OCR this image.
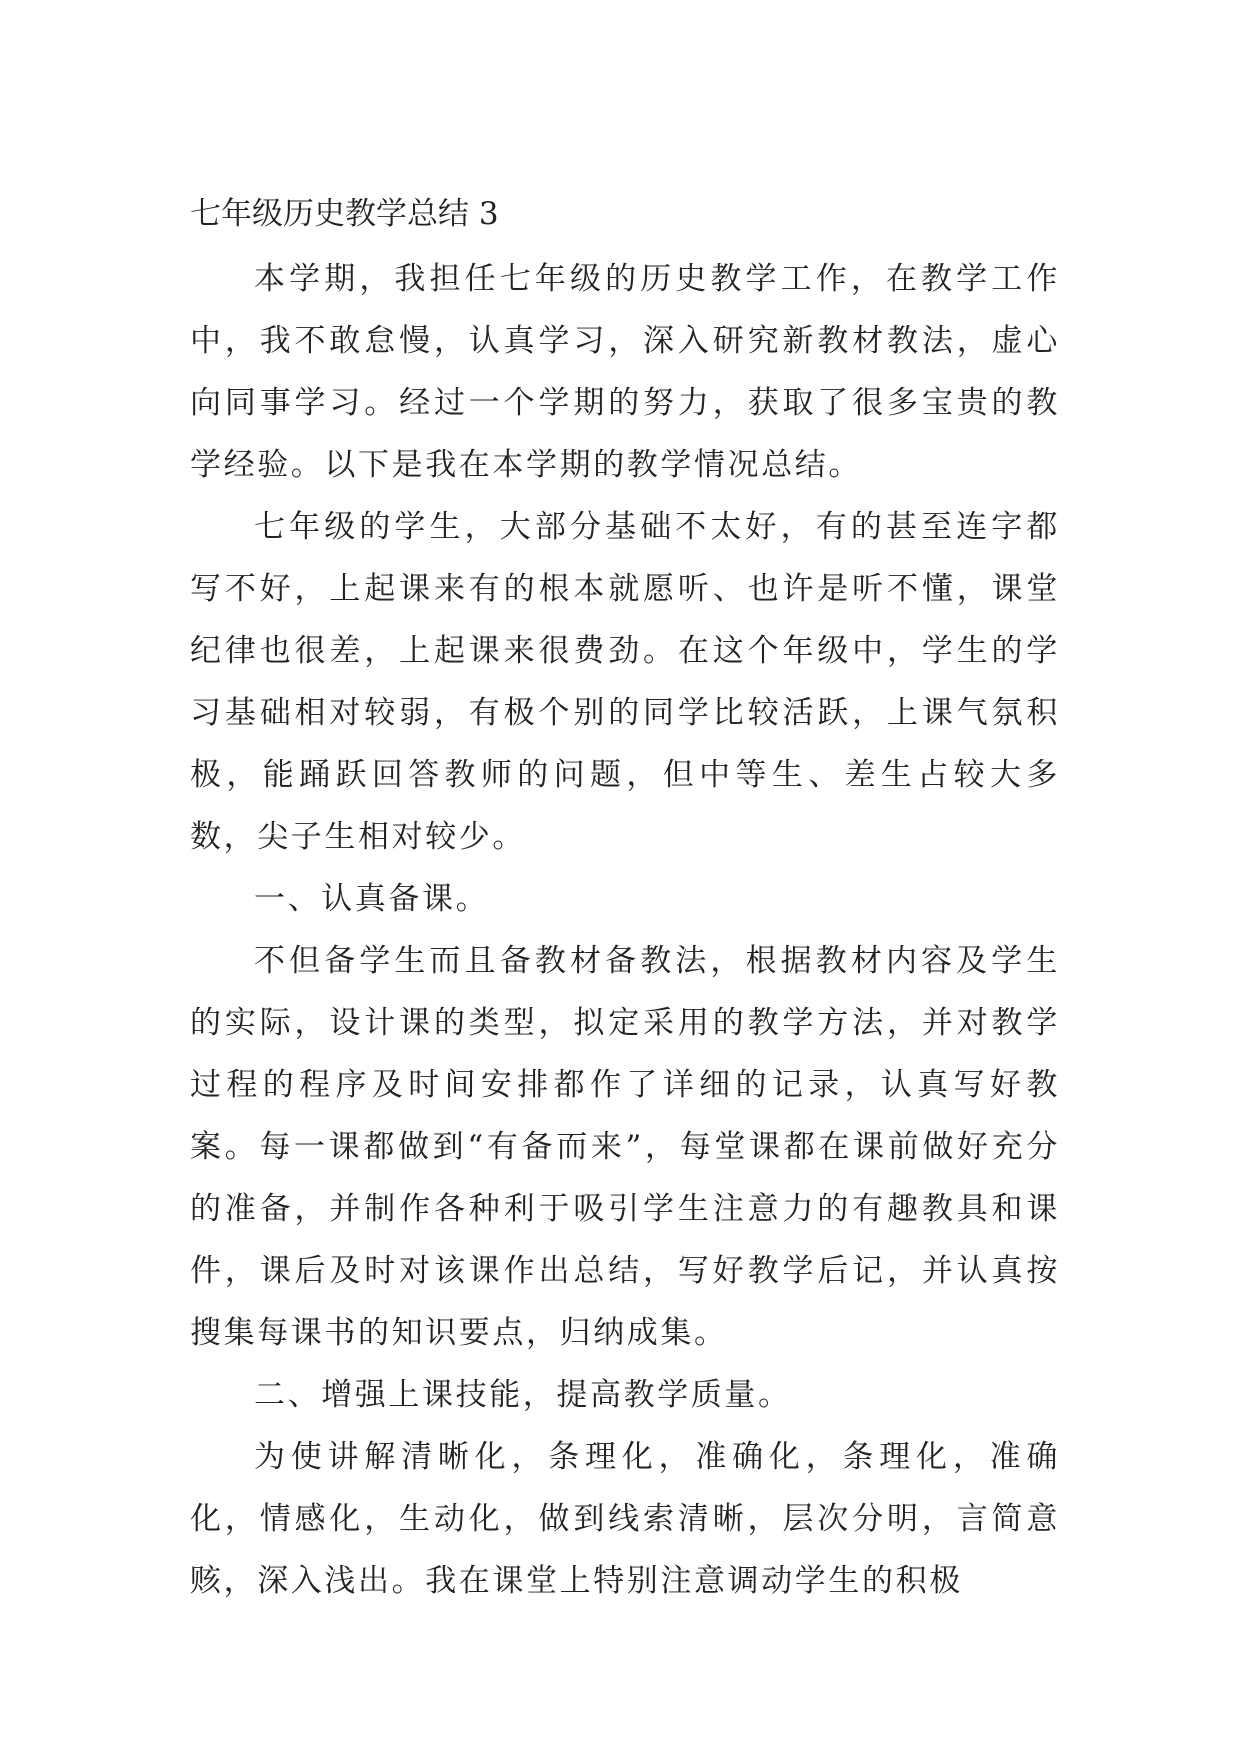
七年级历史教学总结 3

本学期，我担任七年级的历史教学工作，在教学工作中，我不敢怠慢，认真学习，深入研究新教材教法，虚心向同事学习。经过一个学期的努力，获取了很多宝贵的教学经验。以下是我在本学期的教学情况总结。

七年级的学生，大部分基础不太好，有的甚至连字都写不好，上起课来有的根本就愿听、也许是听不懂，课堂纪律也很差，上起课来很费劲。在这个年级中，学生的学习基础相对较弱，有极个别的同学比较活跃，上课气氛积极，能踊跃回答教师的问题，但中等生、差生占较大多数，尖子生相对较少。

一、认真备课。

不但备学生而且备教材备教法，根据教材内容及学生的实际，设计课的类型，拟定采用的教学方法，并对教学过程的程序及时间安排都作了详细的记录，认真写好教案。每一课都做到“有备而来”，每堂课都在课前做好充分的准备，并制作各种利于吸引学生注意力的有趣教具和课件，课后及时对该课作出总结，写好教学后记，并认真按搜集每课书的知识要点，归纳成集。

二、增强上课技能，提高教学质量。

为使讲解清晰化，条理化，准确化，条理化，准确化，情感化，生动化，做到线索清晰，层次分明，言简意赅，深入浅出。我在课堂上特别注意调动学生的积极
